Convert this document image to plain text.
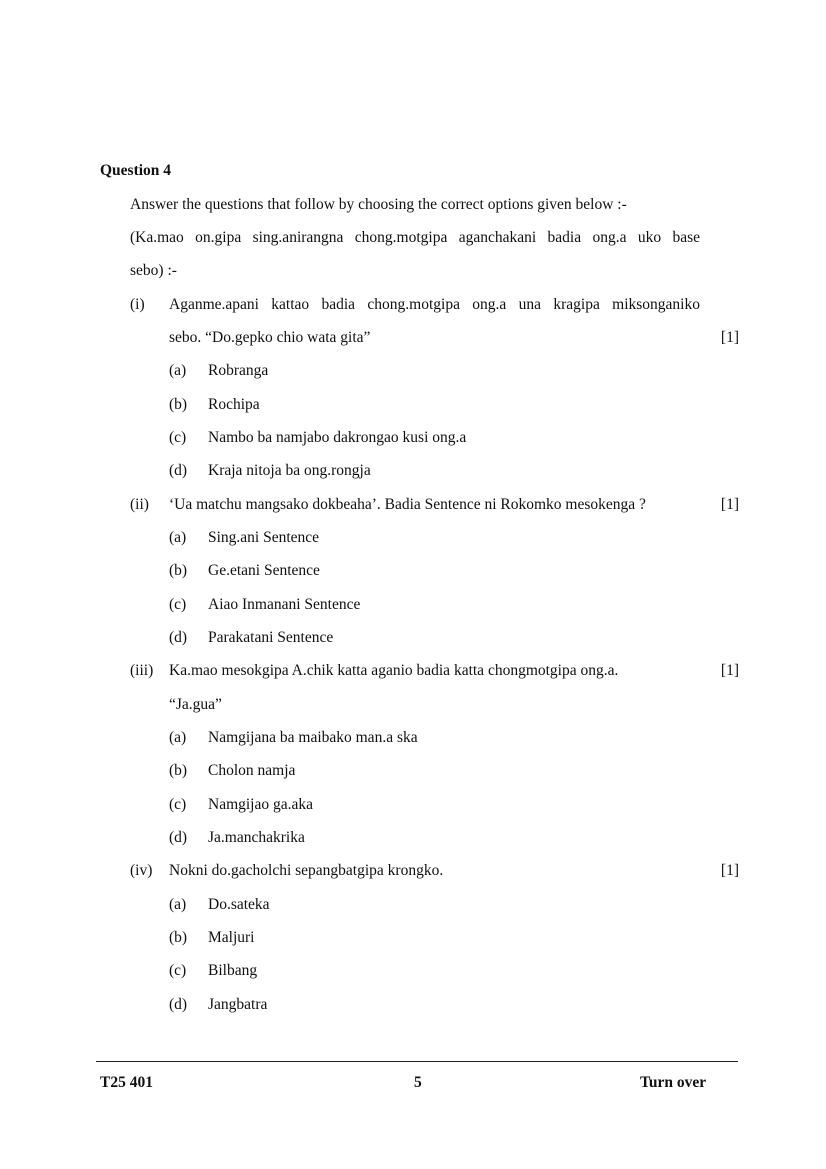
Question 4
Answer the questions that follow by choosing the correct options given below :-
(Ka.mao on.gipa sing.anirangna chong.motgipa aganchakani badia ong.a uko base
sebo) :-
(i) Aganme.apani kattao badia chong.motgipa ong.a una kragipa miksonganiko
sebo. “Do.gepko chio wata gita”	[1]
(a) Robranga
(b) Rochipa
(c) Nambo ba namjabo dakrongao kusi ong.a
(d) Kraja nitoja ba ong.rongja
(ii) ‘Ua matchu mangsako dokbeaha’. Badia Sentence ni Rokomko mesokenga ?	[1]
(a) Sing.ani Sentence
(b) Ge.etani Sentence
(c) Aiao Inmanani Sentence
(d) Parakatani Sentence
(iii) Ka.mao mesokgipa A.chik katta aganio badia katta chongmotgipa ong.a.	[1]
“Ja.gua”
(a) Namgijana ba maibako man.a ska
(b) Cholon namja
(c) Namgijao ga.aka
(d) Ja.manchakrika
(iv) Nokni do.gacholchi sepangbatgipa krongko.	[1]
(a) Do.sateka
(b) Maljuri
(c) Bilbang
(d) Jangbatra
T25 401	5	Turn over
